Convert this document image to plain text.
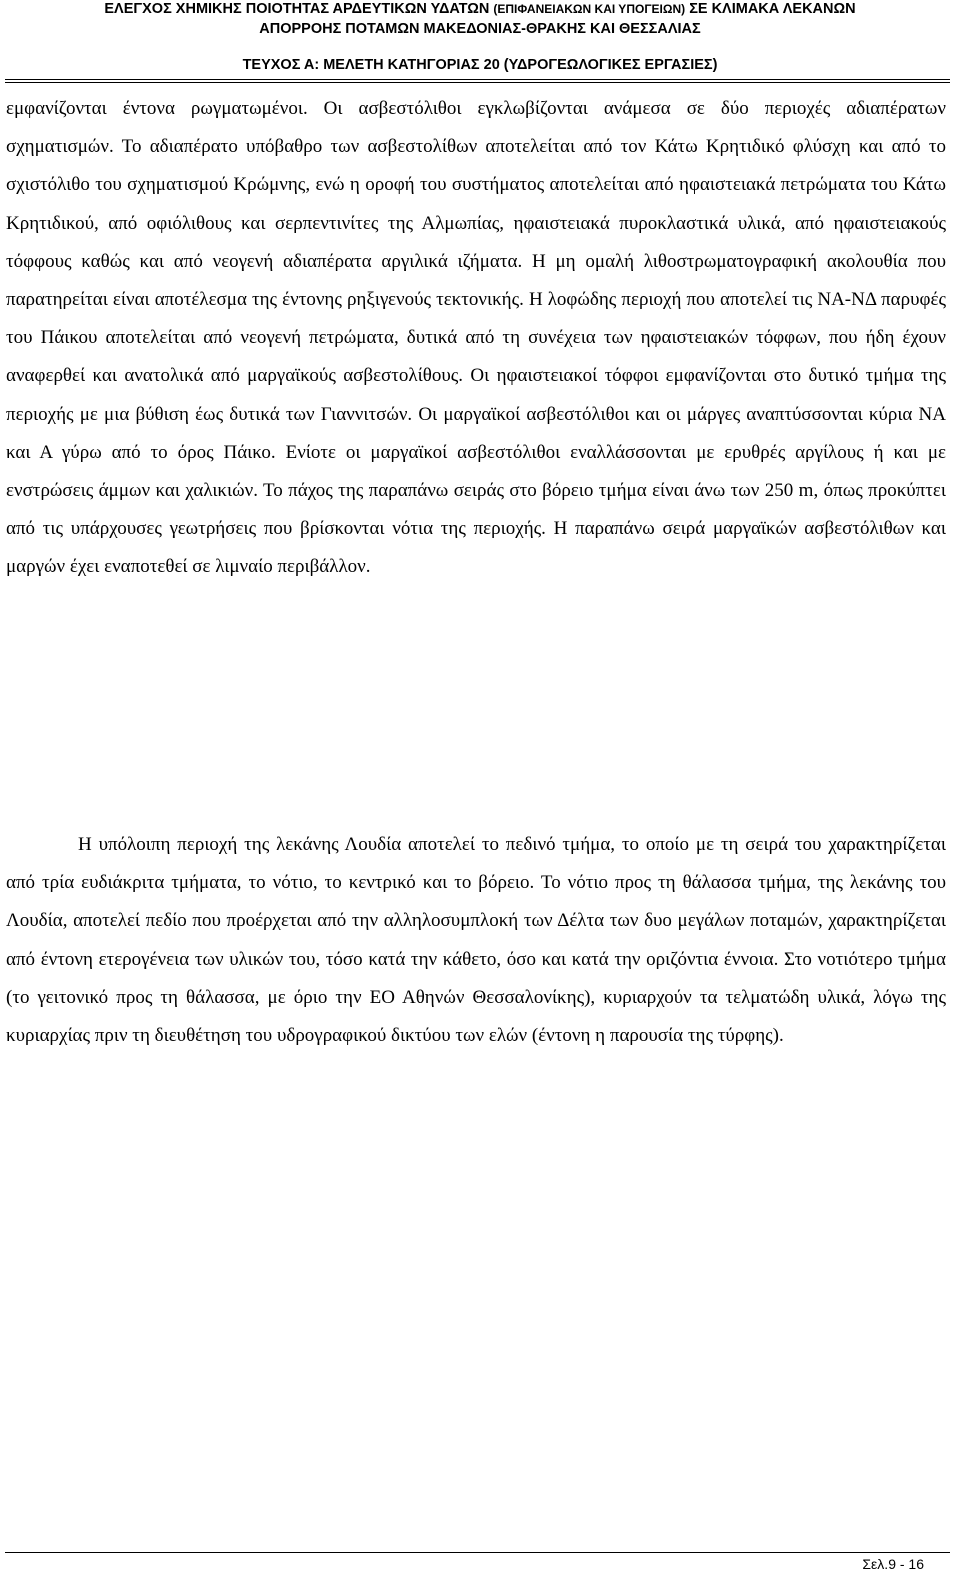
ΕΛΕΓΧΟΣ ΧΗΜΙΚΗΣ ΠΟΙΟΤΗΤΑΣ ΑΡΔΕΥΤΙΚΩΝ ΥΔΑΤΩΝ (ΕΠΙΦΑΝΕΙΑΚΩΝ ΚΑΙ ΥΠΟΓΕΙΩΝ) ΣΕ ΚΛΙΜΑΚΑ ΛΕΚΑΝΩΝ
ΑΠΟΡΡΟΗΣ ΠΟΤΑΜΩΝ ΜΑΚΕΔΟΝΙΑΣ-ΘΡΑΚΗΣ ΚΑΙ ΘΕΣΣΑΛΙΑΣ
ΤΕΥΧΟΣ Α: ΜΕΛΕΤΗ ΚΑΤΗΓΟΡΙΑΣ 20 (ΥΔΡΟΓΕΩΛΟΓΙΚΕΣ ΕΡΓΑΣΙΕΣ)

εμφανίζονται έντονα ρωγματωμένοι. Οι ασβεστόλιθοι εγκλωβίζονται ανάμεσα σε δύο περιοχές αδιαπέρατων σχηματισμών. Το αδιαπέρατο υπόβαθρο των ασβεστολίθων αποτελείται από τον Κάτω Κρητιδικό φλύσχη και από το σχιστόλιθο του σχηματισμού Κρώμνης, ενώ η οροφή του συστήματος αποτελείται από ηφαιστειακά πετρώματα του Κάτω Κρητιδικού, από οφιόλιθους και σερπεντινίτες της Αλμωπίας, ηφαιστειακά πυροκλαστικά υλικά, από ηφαιστειακούς τόφφους καθώς και από νεογενή αδιαπέρατα αργιλικά ιζήματα. Η μη ομαλή λιθοστρωματογραφική ακολουθία που παρατηρείται είναι αποτέλεσμα της έντονης ρηξιγενούς τεκτονικής. Η λοφώδης περιοχή που αποτελεί τις ΝΑ-ΝΔ παρυφές του Πάικου αποτελείται από νεογενή πετρώματα, δυτικά από τη συνέχεια των ηφαιστειακών τόφφων, που ήδη έχουν αναφερθεί και ανατολικά από μαργαϊκούς ασβεστολίθους. Οι ηφαιστειακοί τόφφοι εμφανίζονται στο δυτικό τμήμα της περιοχής με μια βύθιση έως δυτικά των Γιαννιτσών. Οι μαργαϊκοί ασβεστόλιθοι και οι μάργες αναπτύσσονται κύρια ΝΑ και Α γύρω από το όρος Πάικο. Ενίοτε οι μαργαϊκοί ασβεστόλιθοι εναλλάσσονται με ερυθρές αργίλους ή και με ενστρώσεις άμμων και χαλικιών. Το πάχος της παραπάνω σειράς στο βόρειο τμήμα είναι άνω των 250 m, όπως προκύπτει από τις υπάρχουσες γεωτρήσεις που βρίσκονται νότια της περιοχής. Η παραπάνω σειρά μαργαϊκών ασβεστόλιθων και μαργών έχει εναποτεθεί σε λιμναίο περιβάλλον.

Η υπόλοιπη περιοχή της λεκάνης Λουδία αποτελεί το πεδινό τμήμα, το οποίο με τη σειρά του χαρακτηρίζεται από τρία ευδιάκριτα τμήματα, το νότιο, το κεντρικό και το βόρειο. Το νότιο προς τη θάλασσα τμήμα, της λεκάνης του Λουδία, αποτελεί πεδίο που προέρχεται από την αλληλοσυμπλοκή των Δέλτα των δυο μεγάλων ποταμών, χαρακτηρίζεται από έντονη ετερογένεια των υλικών του, τόσο κατά την κάθετο, όσο και κατά την οριζόντια έννοια. Στο νοτιότερο τμήμα (το γειτονικό προς τη θάλασσα, με όριο την ΕΟ Αθηνών Θεσσαλονίκης), κυριαρχούν τα τελματώδη υλικά, λόγω της κυριαρχίας πριν τη διευθέτηση του υδρογραφικού δικτύου των ελών (έντονη η παρουσία της τύρφης).

Σελ.9 - 16
